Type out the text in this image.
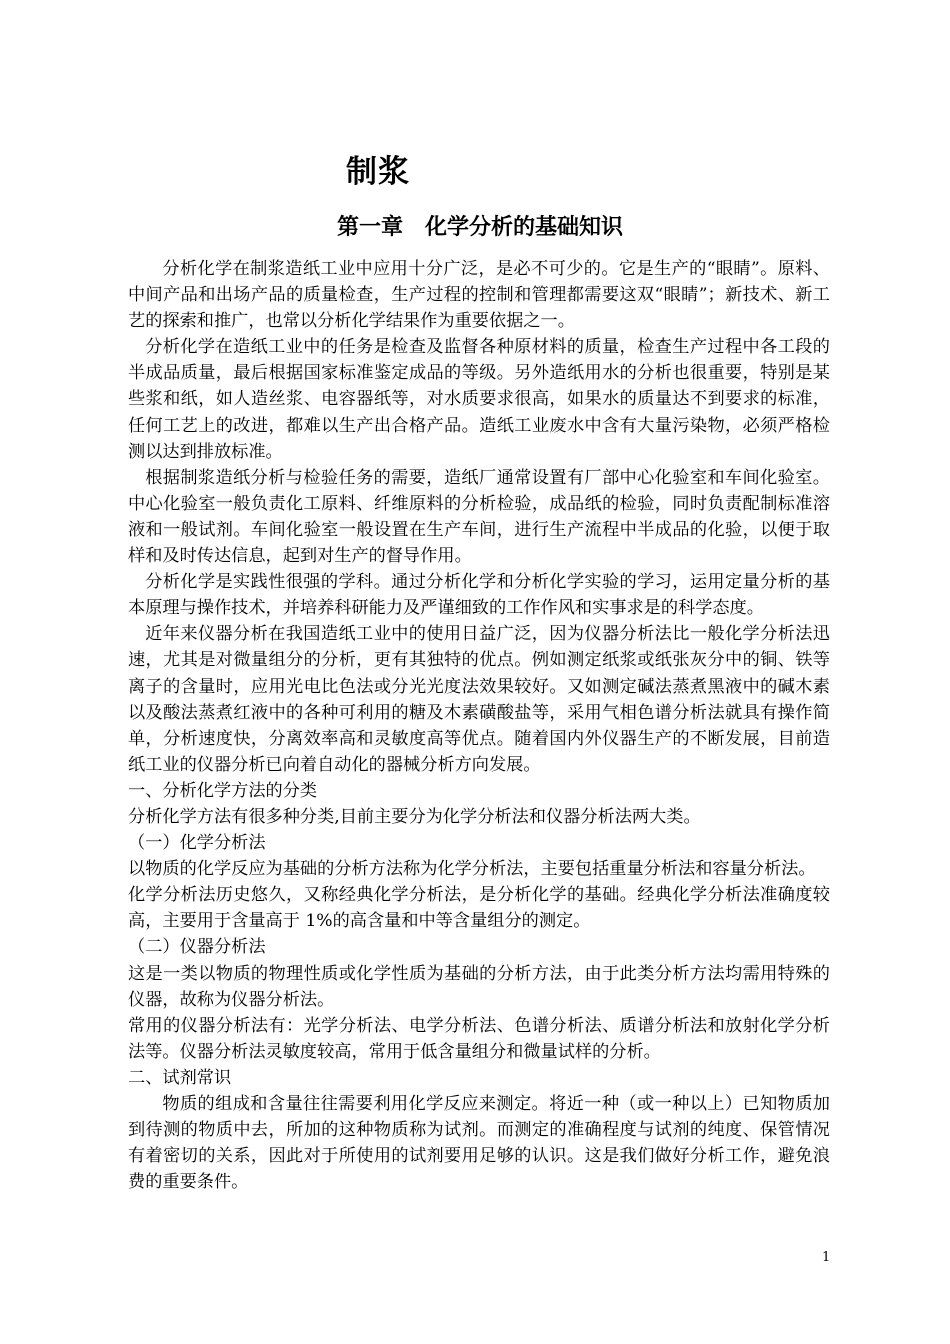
制浆
第一章　化学分析的基础知识

分析化学在制浆造纸工业中应用十分广泛，是必不可少的。它是生产的“眼睛”。原料、中间产品和出场产品的质量检查，生产过程的控制和管理都需要这双“眼睛”；新技术、新工艺的探索和推广，也常以分析化学结果作为重要依据之一。

分析化学在造纸工业中的任务是检查及监督各种原材料的质量，检查生产过程中各工段的半成品质量，最后根据国家标准鉴定成品的等级。另外造纸用水的分析也很重要，特别是某些浆和纸，如人造丝浆、电容器纸等，对水质要求很高，如果水的质量达不到要求的标准，任何工艺上的改进，都难以生产出合格产品。造纸工业废水中含有大量污染物，必须严格检测以达到排放标准。

根据制浆造纸分析与检验任务的需要，造纸厂通常设置有厂部中心化验室和车间化验室。中心化验室一般负责化工原料、纤维原料的分析检验，成品纸的检验，同时负责配制标准溶液和一般试剂。车间化验室一般设置在生产车间，进行生产流程中半成品的化验，以便于取样和及时传达信息，起到对生产的督导作用。

分析化学是实践性很强的学科。通过分析化学和分析化学实验的学习，运用定量分析的基本原理与操作技术，并培养科研能力及严谨细致的工作作风和实事求是的科学态度。

近年来仪器分析在我国造纸工业中的使用日益广泛，因为仪器分析法比一般化学分析法迅速，尤其是对微量组分的分析，更有其独特的优点。例如测定纸浆或纸张灰分中的铜、铁等离子的含量时，应用光电比色法或分光光度法效果较好。又如测定碱法蒸煮黑液中的碱木素以及酸法蒸煮红液中的各种可利用的糖及木素磺酸盐等，采用气相色谱分析法就具有操作简单，分析速度快，分离效率高和灵敏度高等优点。随着国内外仪器生产的不断发展，目前造纸工业的仪器分析已向着自动化的器械分析方向发展。

一、分析化学方法的分类

分析化学方法有很多种分类,目前主要分为化学分析法和仪器分析法两大类。

（一）化学分析法

以物质的化学反应为基础的分析方法称为化学分析法，主要包括重量分析法和容量分析法。

化学分析法历史悠久，又称经典化学分析法，是分析化学的基础。经典化学分析法准确度较高，主要用于含量高于 1%的高含量和中等含量组分的测定。

（二）仪器分析法

这是一类以物质的物理性质或化学性质为基础的分析方法，由于此类分析方法均需用特殊的仪器，故称为仪器分析法。

常用的仪器分析法有：光学分析法、电学分析法、色谱分析法、质谱分析法和放射化学分析法等。仪器分析法灵敏度较高，常用于低含量组分和微量试样的分析。

二、试剂常识

物质的组成和含量往往需要利用化学反应来测定。将近一种（或一种以上）已知物质加到待测的物质中去，所加的这种物质称为试剂。而测定的准确程度与试剂的纯度、保管情况有着密切的关系，因此对于所使用的试剂要用足够的认识。这是我们做好分析工作，避免浪费的重要条件。

1
